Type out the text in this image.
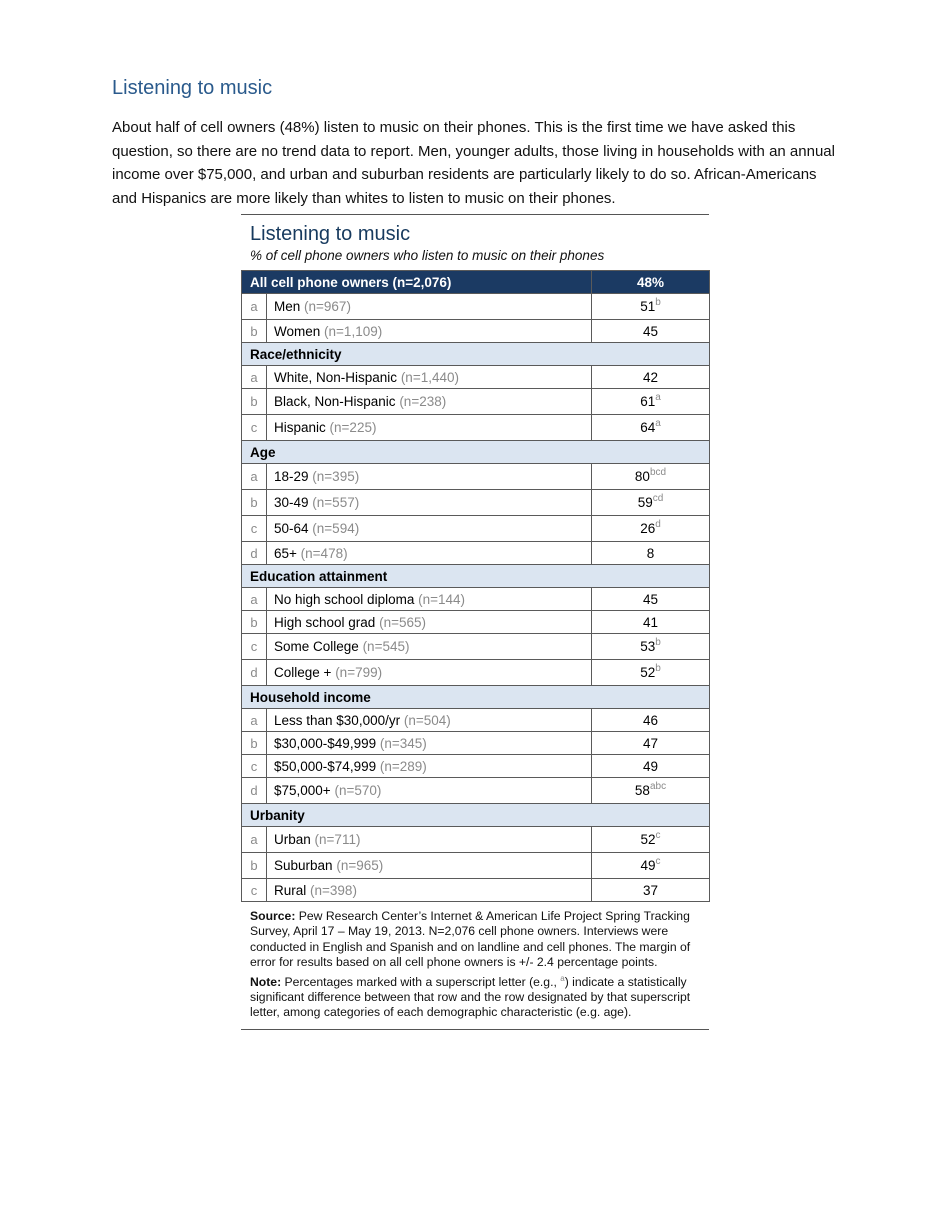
Listening to music

About half of cell owners (48%) listen to music on their phones. This is the first time we have asked this question, so there are no trend data to report. Men, younger adults, those living in households with an annual income over $75,000, and urban and suburban residents are particularly likely to do so. African-Americans and Hispanics are more likely than whites to listen to music on their phones.

Listening to music
% of cell phone owners who listen to music on their phones
All cell phone owners (n=2,076)		48%
a	Men (n=967)	51$^b$
b	Women (n=1,109)	45
Race/ethnicity		
a	White, Non-Hispanic (n=1,440)	42
b	Black, Non-Hispanic (n=238)	61$^a$
c	Hispanic (n=225)	64$^a$
Age		
a	18-29 (n=395)	$80^{bcd}$
b	30-49 (n=557)	$59^{cd}$
c	50-64 (n=594)	26$^d$
d	65+ (n=478)	8
Education attainment		
a	No high school diploma (n=144)	45
b	High school grad (n=565)	41
c	Some College (n=545)	53$^b$
d	College + (n=799)	52$^b$
Household income		
a	Less than $30,000/yr (n=504)	46
b	$30,000-$49,999 (n=345)	47
c	$50,000-$74,999 (n=289)	49
d	$75,000+ (n=570)	$58^{abc}$
Urbanity		
a	Urban (n=711)	52$^c$
b	Suburban (n=965)	49$^c$
c	Rural (n=398)	37

Source: Pew Research Center’s Internet & American Life Project Spring Tracking Survey, April 17 – May 19, 2013. N=2,076 cell phone owners. Interviews were conducted in English and Spanish and on landline and cell phones. The margin of error for results based on all cell phone owners is +/- 2.4 percentage points.

Note: Percentages marked with a superscript letter (e.g., $^a$) indicate a statistically significant difference between that row and the row designated by that superscript letter, among categories of each demographic characteristic (e.g. age).
